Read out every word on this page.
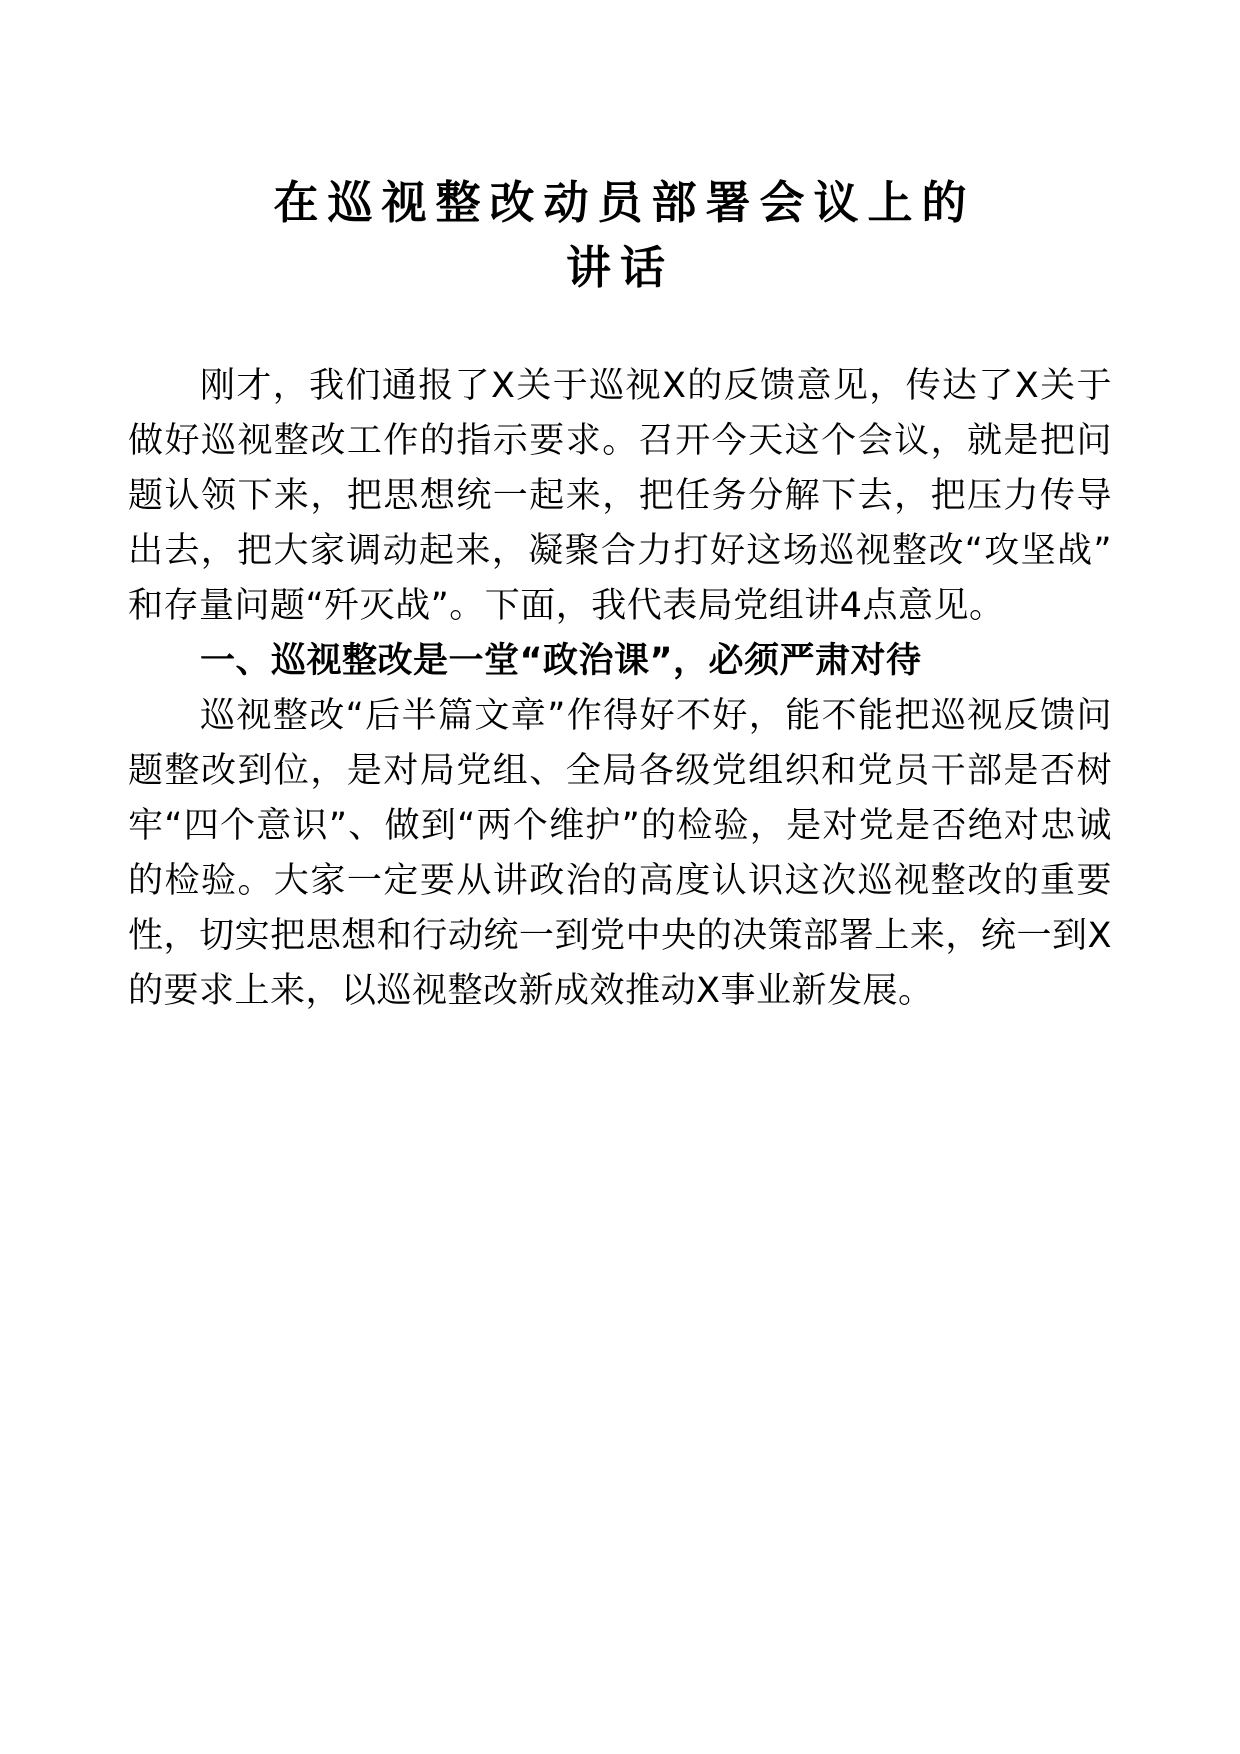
在巡视整改动员部署会议上的
讲话

刚才，我们通报了X关于巡视X的反馈意见，传达了X关于做好巡视整改工作的指示要求。召开今天这个会议，就是把问题认领下来，把思想统一起来，把任务分解下去，把压力传导出去，把大家调动起来，凝聚合力打好这场巡视整改“攻坚战”和存量问题“歼灭战”。下面，我代表局党组讲4点意见。

一、巡视整改是一堂“政治课”，必须严肃对待

巡视整改“后半篇文章”作得好不好，能不能把巡视反馈问题整改到位，是对局党组、全局各级党组织和党员干部是否树牢“四个意识”、做到“两个维护”的检验，是对党是否绝对忠诚的检验。大家一定要从讲政治的高度认识这次巡视整改的重要性，切实把思想和行动统一到党中央的决策部署上来，统一到X的要求上来，以巡视整改新成效推动X事业新发展。
